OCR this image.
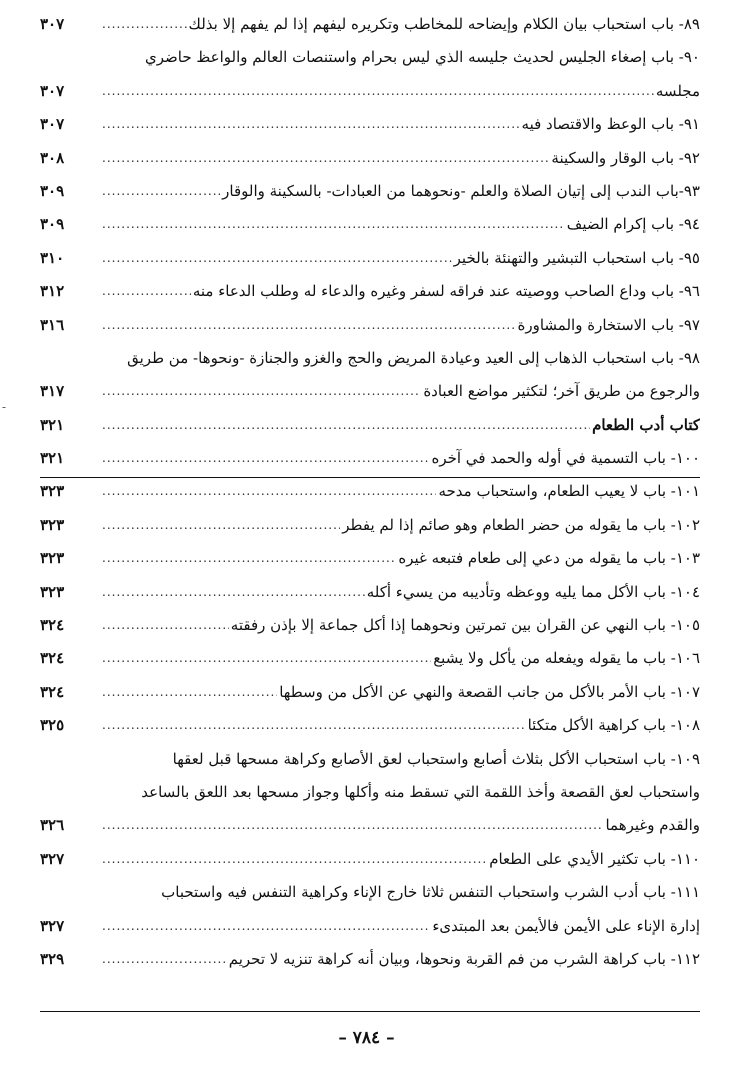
٨٩- باب استحباب بيان الكلام وإيضاحه للمخاطب وتكريره ليفهم إذا لم يفهم إلا بذلك
.....
٣٠٧
٩٠- باب إصغاء الجليس لحديث جليسه الذي ليس بحرام واستنصات العالم والواعظ حاضري
مجلسه
.....
٣٠٧
٩١- باب الوعظ والاقتصاد فيه
.....
٣٠٧
٩٢- باب الوقار والسكينة
.....
٣٠٨
٩٣-باب الندب إلى إتيان الصلاة والعلم -ونحوهما من العبادات- بالسكينة والوقار
.....
٣٠٩
٩٤- باب إكرام الضيف
.....
٣٠٩
٩٥- باب استحباب التبشير والتهنئة بالخير
.....
٣١٠
٩٦- باب وداع الصاحب ووصيته عند فراقه لسفر وغيره والدعاء له وطلب الدعاء منه
.....
٣١٢
٩٧- باب الاستخارة والمشاورة
.....
٣١٦
٩٨- باب استحباب الذهاب إلى العيد وعيادة المريض والحج والغزو والجنازة -ونحوها- من طريق
والرجوع من طريق آخر؛ لتكثير مواضع العبادة
.....
٣١٧
كتاب أدب الطعام
.....
٣٢١
١٠٠- باب التسمية في أوله والحمد في آخره
.....
٣٢١
١٠١- باب لا يعيب الطعام، واستحباب مدحه
.....
٣٢٣
١٠٢- باب ما يقوله من حضر الطعام وهو صائم إذا لم يفطر
.....
٣٢٣
١٠٣- باب ما يقوله من دعي إلى طعام فتبعه غيره
.....
٣٢٣
١٠٤- باب الأكل مما يليه ووعظه وتأديبه من يسيء أكله
.....
٣٢٣
١٠٥- باب النهي عن القران بين تمرتين ونحوهما إذا أكل جماعة إلا بإذن رفقته
.....
٣٢٤
١٠٦- باب ما يقوله ويفعله من يأكل ولا يشبع
.....
٣٢٤
١٠٧- باب الأمر بالأكل من جانب القصعة والنهي عن الأكل من وسطها
.....
٣٢٤
١٠٨- باب كراهية الأكل متكئا
.....
٣٢٥
١٠٩- باب استحباب الأكل بثلاث أصابع واستحباب لعق الأصابع وكراهة مسحها قبل لعقها
واستحباب لعق القصعة وأخذ اللقمة التي تسقط منه وأكلها وجواز مسحها بعد اللعق بالساعد
والقدم وغيرهما
.....
٣٢٦
١١٠- باب تكثير الأيدي على الطعام
.....
٣٢٧
١١١- باب أدب الشرب واستحباب التنفس ثلاثا خارج الإناء وكراهية التنفس فيه واستحباب
إدارة الإناء على الأيمن فالأيمن بعد المبتدىء
.....
٣٢٧
١١٢- باب كراهة الشرب من فم القربة ونحوها، وبيان أنه كراهة تنزيه لا تحريم
.....
٣٢٩
-
– ٧٨٤ –
